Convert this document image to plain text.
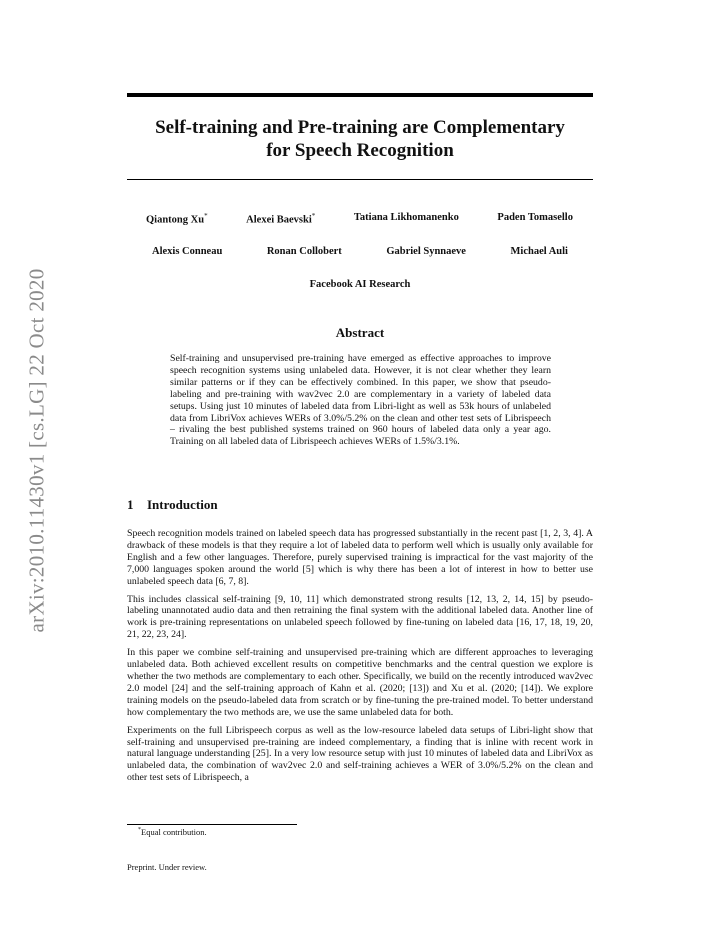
arXiv:2010.11430v1 [cs.LG] 22 Oct 2020
Self-training and Pre-training are Complementary
for Speech Recognition
Qiantong Xu*	Alexei Baevski*	Tatiana Likhomanenko	Paden Tomasello
Alexis Conneau	Ronan Collobert	Gabriel Synnaeve	Michael Auli
Facebook AI Research
Abstract
Self-training and unsupervised pre-training have emerged as effective approaches to improve speech recognition systems using unlabeled data. However, it is not clear whether they learn similar patterns or if they can be effectively combined. In this paper, we show that pseudo-labeling and pre-training with wav2vec 2.0 are complementary in a variety of labeled data setups. Using just 10 minutes of labeled data from Libri-light as well as 53k hours of unlabeled data from LibriVox achieves WERs of 3.0%/5.2% on the clean and other test sets of Librispeech – rivaling the best published systems trained on 960 hours of labeled data only a year ago. Training on all labeled data of Librispeech achieves WERs of 1.5%/3.1%.
1 Introduction

Speech recognition models trained on labeled speech data has progressed substantially in the recent past [1, 2, 3, 4]. A drawback of these models is that they require a lot of labeled data to perform well which is usually only available for English and a few other languages. Therefore, purely supervised training is impractical for the vast majority of the 7,000 languages spoken around the world [5] which is why there has been a lot of interest in how to better use unlabeled speech data [6, 7, 8].

This includes classical self-training [9, 10, 11] which demonstrated strong results [12, 13, 2, 14, 15] by pseudo-labeling unannotated audio data and then retraining the final system with the additional labeled data. Another line of work is pre-training representations on unlabeled speech followed by fine-tuning on labeled data [16, 17, 18, 19, 20, 21, 22, 23, 24].

In this paper we combine self-training and unsupervised pre-training which are different approaches to leveraging unlabeled data. Both achieved excellent results on competitive benchmarks and the central question we explore is whether the two methods are complementary to each other. Specifically, we build on the recently introduced wav2vec 2.0 model [24] and the self-training approach of Kahn et al. (2020; [13]) and Xu et al. (2020; [14]). We explore training models on the pseudo-labeled data from scratch or by fine-tuning the pre-trained model. To better understand how complementary the two methods are, we use the same unlabeled data for both.

Experiments on the full Librispeech corpus as well as the low-resource labeled data setups of Libri-light show that self-training and unsupervised pre-training are indeed complementary, a finding that is inline with recent work in natural language understanding [25]. In a very low resource setup with just 10 minutes of labeled data and LibriVox as unlabeled data, the combination of wav2vec 2.0 and self-training achieves a WER of 3.0%/5.2% on the clean and other test sets of Librispeech, a

*Equal contribution.
Preprint. Under review.
